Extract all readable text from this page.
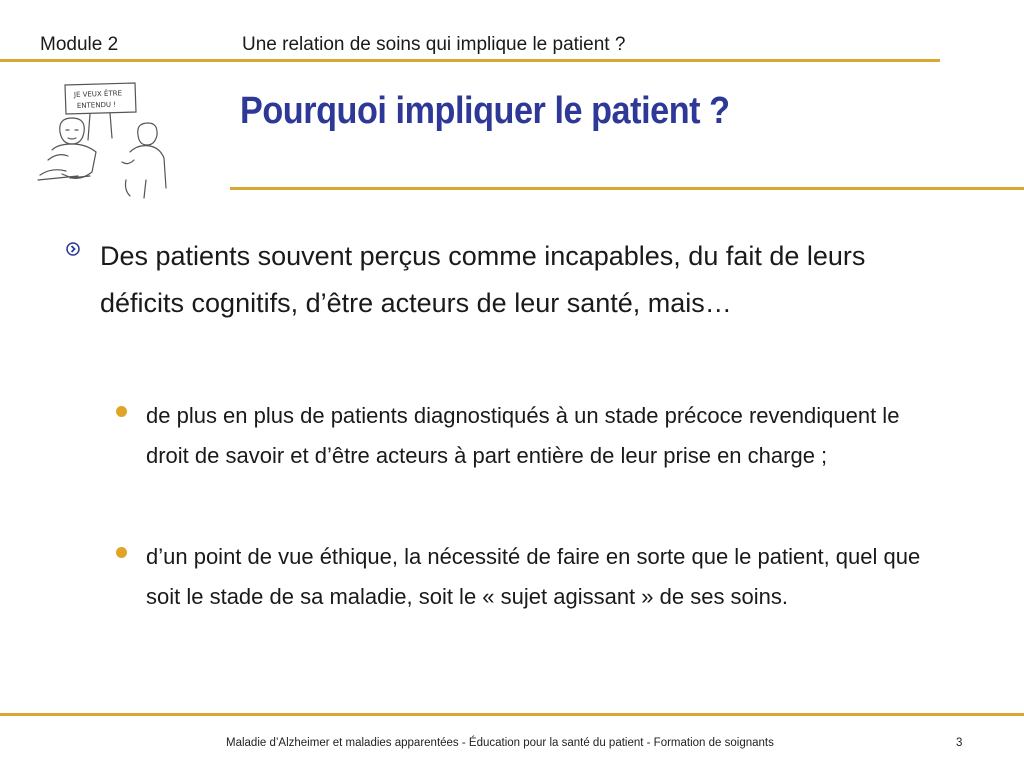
Module 2	Une relation de soins qui implique le patient ?
JE VEUX ÊTRE
ENTENDU !	Pourquoi impliquer le patient ?
Des patients souvent perçus comme incapables, du fait de leurs déficits cognitifs, d’être acteurs de leur santé, mais…
de plus en plus de patients diagnostiqués à un stade précoce revendiquent le droit de savoir et d’être acteurs à part entière de leur prise en charge ;
d’un point de vue éthique, la nécessité de faire en sorte que le patient, quel que soit le stade de sa maladie, soit le « sujet agissant » de ses soins.
Maladie d’Alzheimer et maladies apparentées - Éducation pour la santé du patient - Formation de soignants	3
